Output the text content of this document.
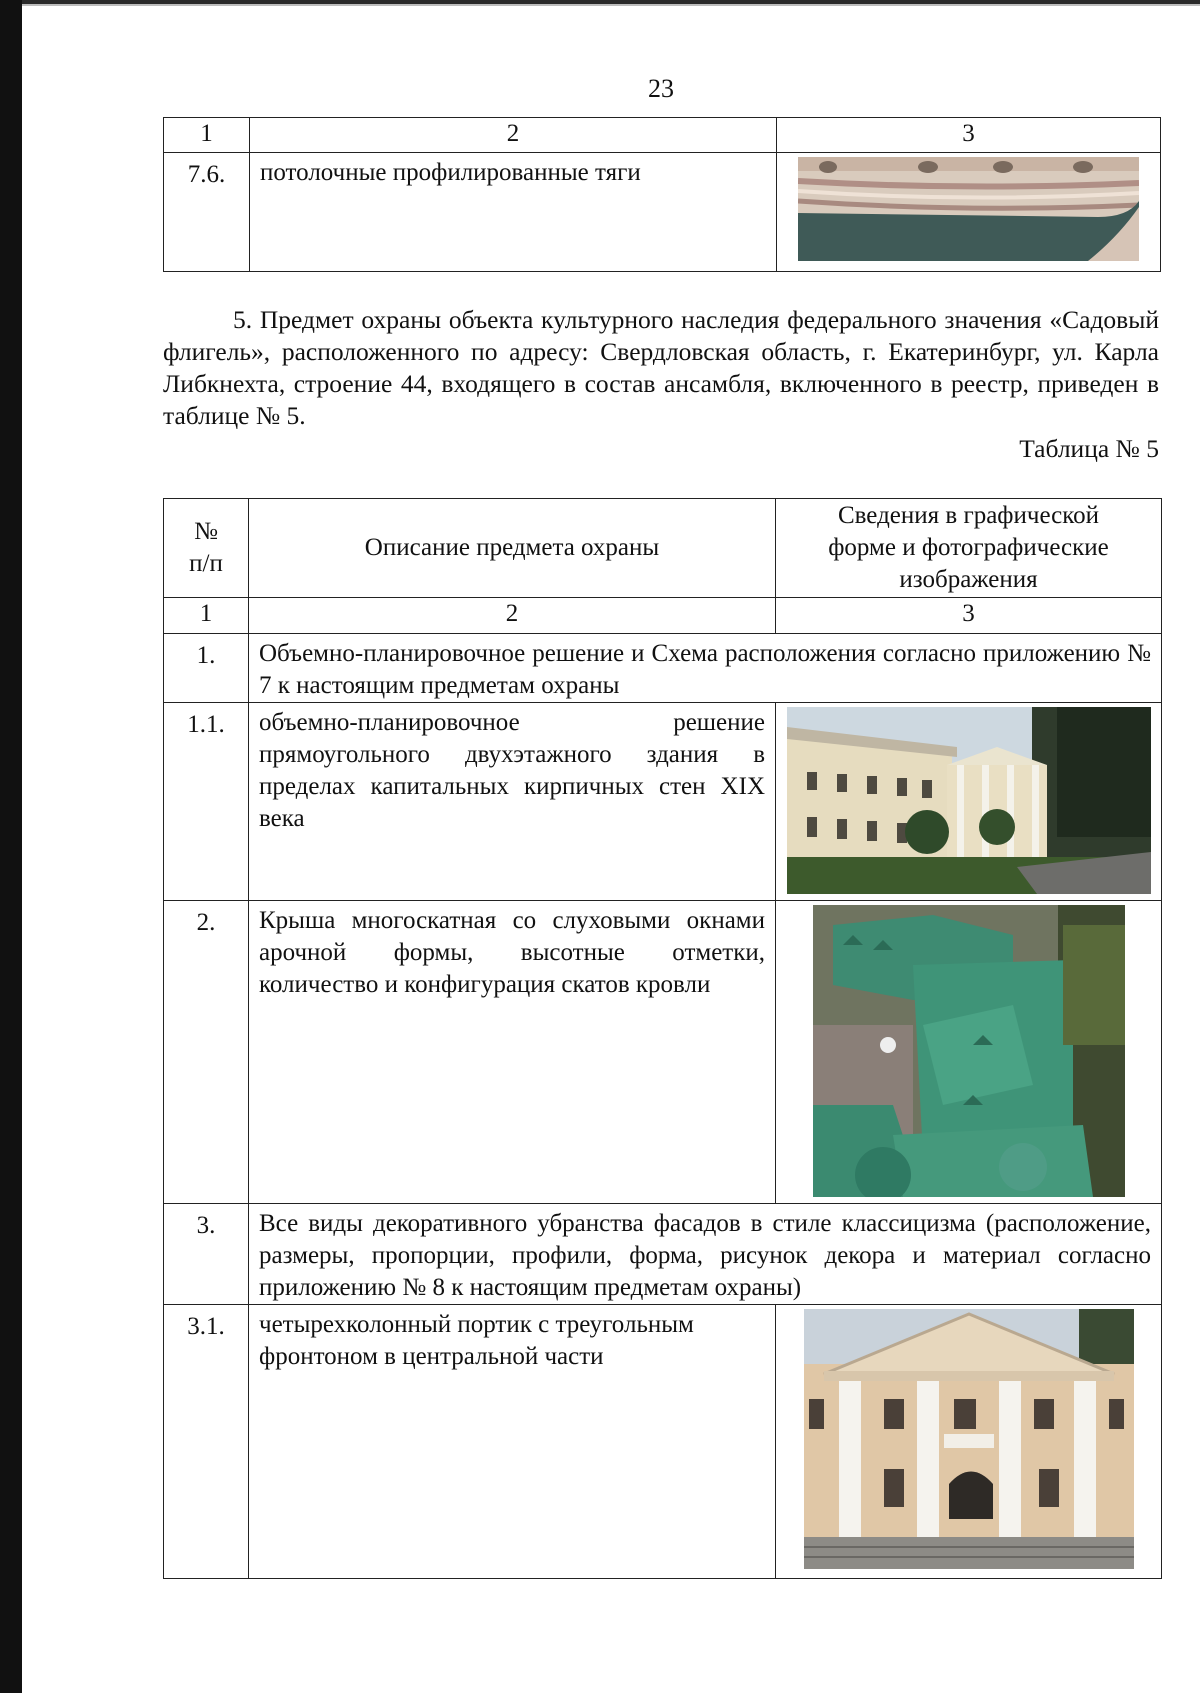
23
1	2	3
7.6.	потолочные профилированные тяги	

5. Предмет охраны объекта культурного наследия федерального значения «Садовый флигель», расположенного по адресу: Свердловская область, г. Екатеринбург, ул. Карла Либкнехта, строение 44, входящего в состав ансамбля, включенного в реестр, приведен в таблице № 5.

Таблица № 5
№ п/п	Описание предмета охраны	Сведения в графической форме и фотографические изображения
1	2	3
1.	Объемно-планировочное решение и Схема расположения согласно приложению № 7 к настоящим предметам охраны	
1.1.	объемно-планировочное решение прямоугольного двухэтажного здания в пределах капитальных кирпичных стен XIX века	

2.	Крыша многоскатная со слуховыми окнами арочной формы, высотные отметки, количество и конфигурация скатов кровли	

3.	Все виды декоративного убранства фасадов в стиле классицизма (расположение, размеры, пропорции, профили, форма, рисунок декора и материал согласно приложению № 8 к настоящим предметам охраны)	
3.1.	четырехколонный портик с треугольным фронтоном в центральной части	
